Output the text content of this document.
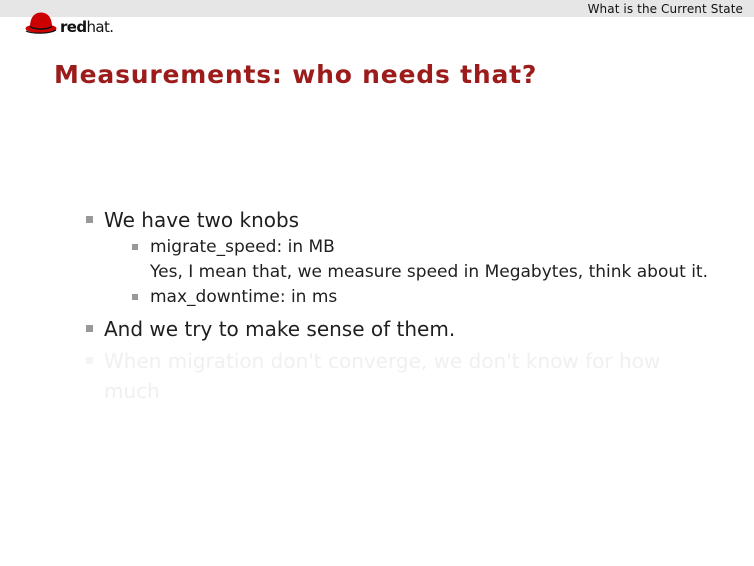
What is the Current State
redhat.
Measurements: who needs that?
We have two knobs
migrate_speed: in MB
Yes, I mean that, we measure speed in Megabytes, think about it.
max_downtime: in ms
And we try to make sense of them.
When migration don't converge, we don't know for how much
